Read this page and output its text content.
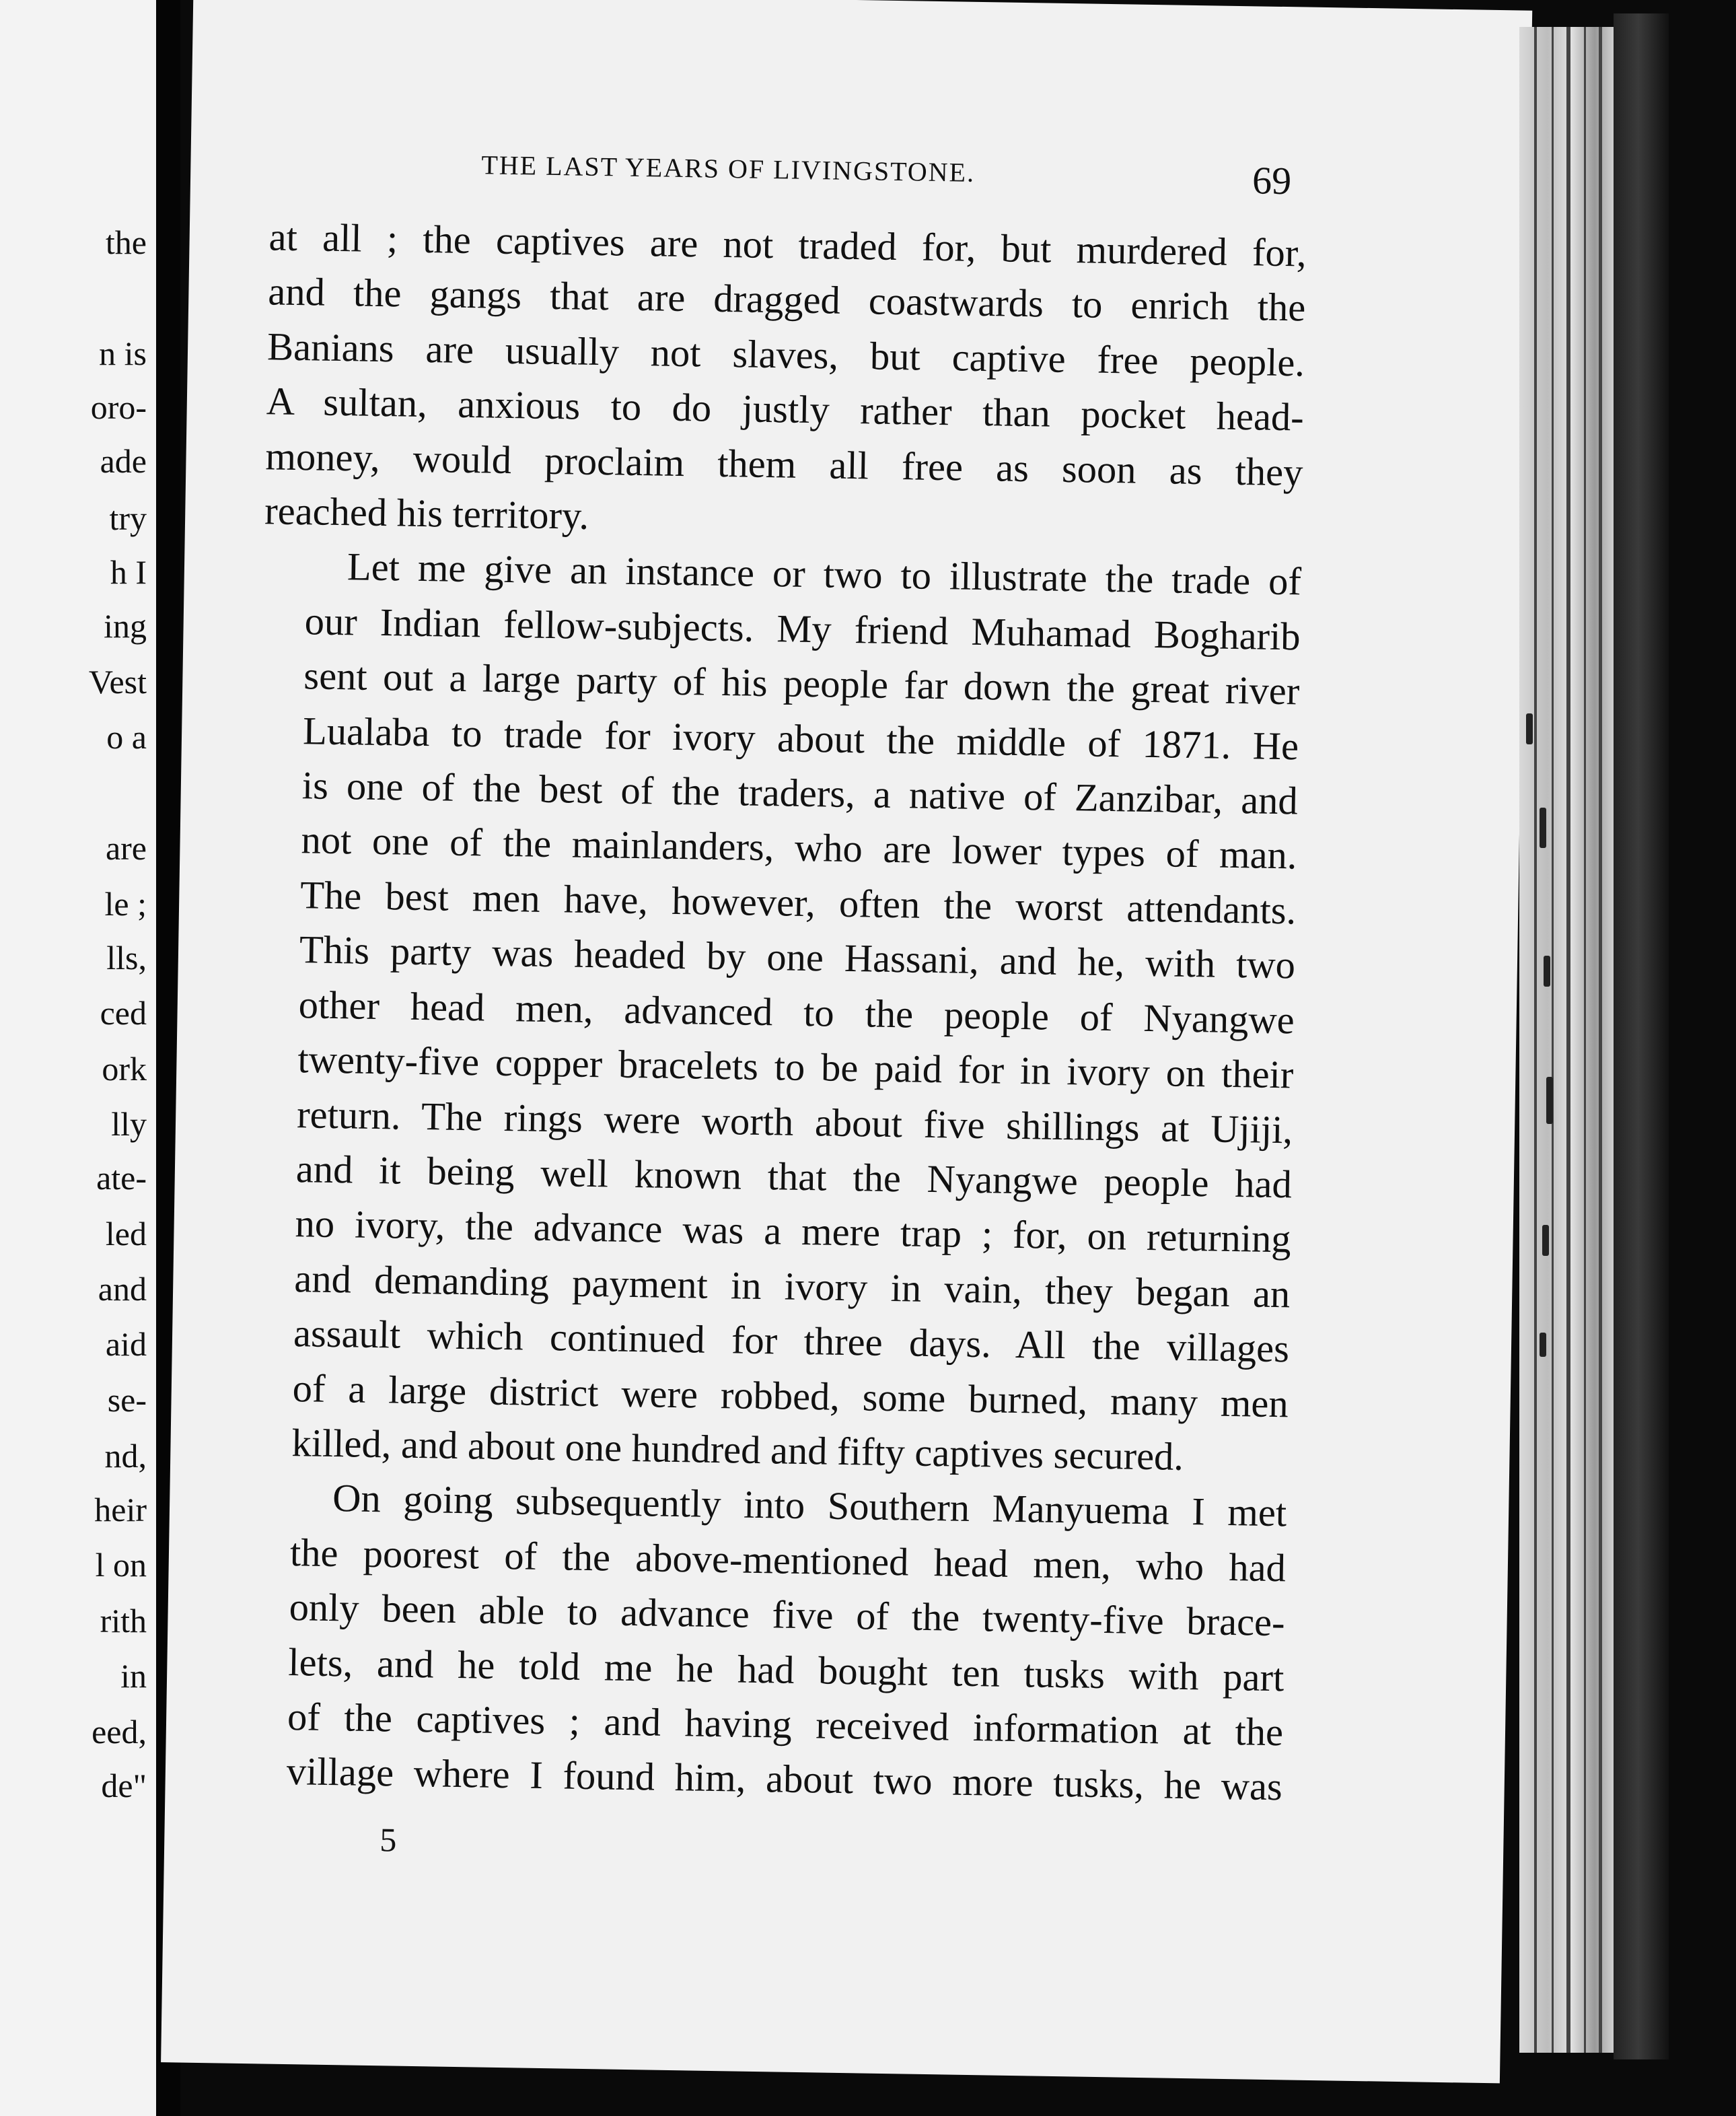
the
n is
oro-
ade
try
h I
ing
Vest
o a
are
le ;
lls,
ced
ork
lly
ate-
led
and
aid
se-
nd,
heir
l on
rith
in
eed,
de"
THE LAST YEARS OF LIVINGSTONE.	69

at all ; the captives are not traded for, but murdered for,
and the gangs that are dragged coastwards to enrich the
Banians are usually not slaves, but captive free people.
A sultan, anxious to do justly rather than pocket head-
money, would proclaim them all free as soon as they
reached his territory.

Let me give an instance or two to illustrate the trade of
our Indian fellow-subjects. My friend Muhamad Bogharib
sent out a large party of his people far down the great river
Lualaba to trade for ivory about the middle of 1871. He
is one of the best of the traders, a native of Zanzibar, and
not one of the mainlanders, who are lower types of man.
The best men have, however, often the worst attendants.
This party was headed by one Hassani, and he, with two
other head men, advanced to the people of Nyangwe
twenty-five copper bracelets to be paid for in ivory on their
return. The rings were worth about five shillings at Ujiji,
and it being well known that the Nyangwe people had
no ivory, the advance was a mere trap ; for, on returning
and demanding payment in ivory in vain, they began an
assault which continued for three days. All the villages
of a large district were robbed, some burned, many men
killed, and about one hundred and fifty captives secured.

On going subsequently into Southern Manyuema I met
the poorest of the above-mentioned head men, who had
only been able to advance five of the twenty-five brace-
lets, and he told me he had bought ten tusks with part
of the captives ; and having received information at the
village where I found him, about two more tusks, he was

5
